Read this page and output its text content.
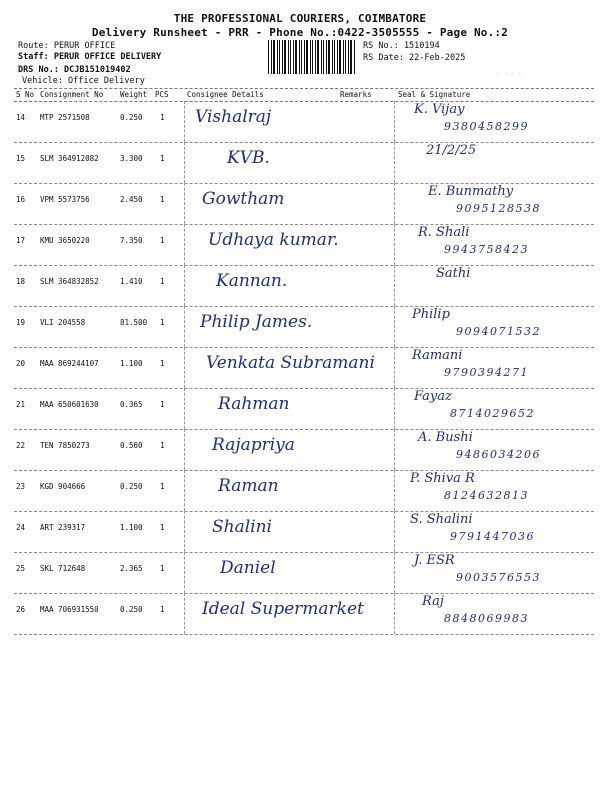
THE PROFESSIONAL COURIERS, COIMBATORE
Delivery Runsheet - PRR - Phone No.:0422-3505555 - Page No.:2
Route: PERUR OFFICE
Staff: PERUR OFFICE DELIVERY
DRS No.: DCJB151019402
Vehicle: Office Delivery
RS No.: 1510194
RS Date: 22-Feb-2025
⁘ ⁖ ∴ ⁘
S No Consignment No Weight PCS Consignee Details	Remarks	Seal & Signature
14 MTP 2571508	0.250 1 Vishalraj	K. Vijay
9380458299
15 SLM 364912082	3.300 1	KVB.	21/2/25
16 VPM 5573756	2.450 1 Gowtham	E. Bunmathy
9095128538
17 KMU 3650220	7.350 1	Udhaya kumar.	R. Shali
9943758423
18 SLM 364832852	1.410 1	Kannan.	Sathi
19 VLI 204558	81.500 1 Philip James.	Philip
9094071532
20 MAA 869244107	1.100 1 Venkata Subramani	Ramani
9790394271
21 MAA 650601630	0.365 1	Rahman	Fayaz
8714029652
22 TEN 7850273	0.560 1	Rajapriya	A. Bushi
9486034206
23 KGD 904666	0.250 1	Raman	P. Shiva R
8124632813
24 ART 239317	1.100 1	Shalini	S. Shalini
9791447036
25 SKL 712648	2.365 1	Daniel	J. ESR
9003576553
26 MAA 706931550	0.250 1 Ideal Supermarket	Raj
8848069983
